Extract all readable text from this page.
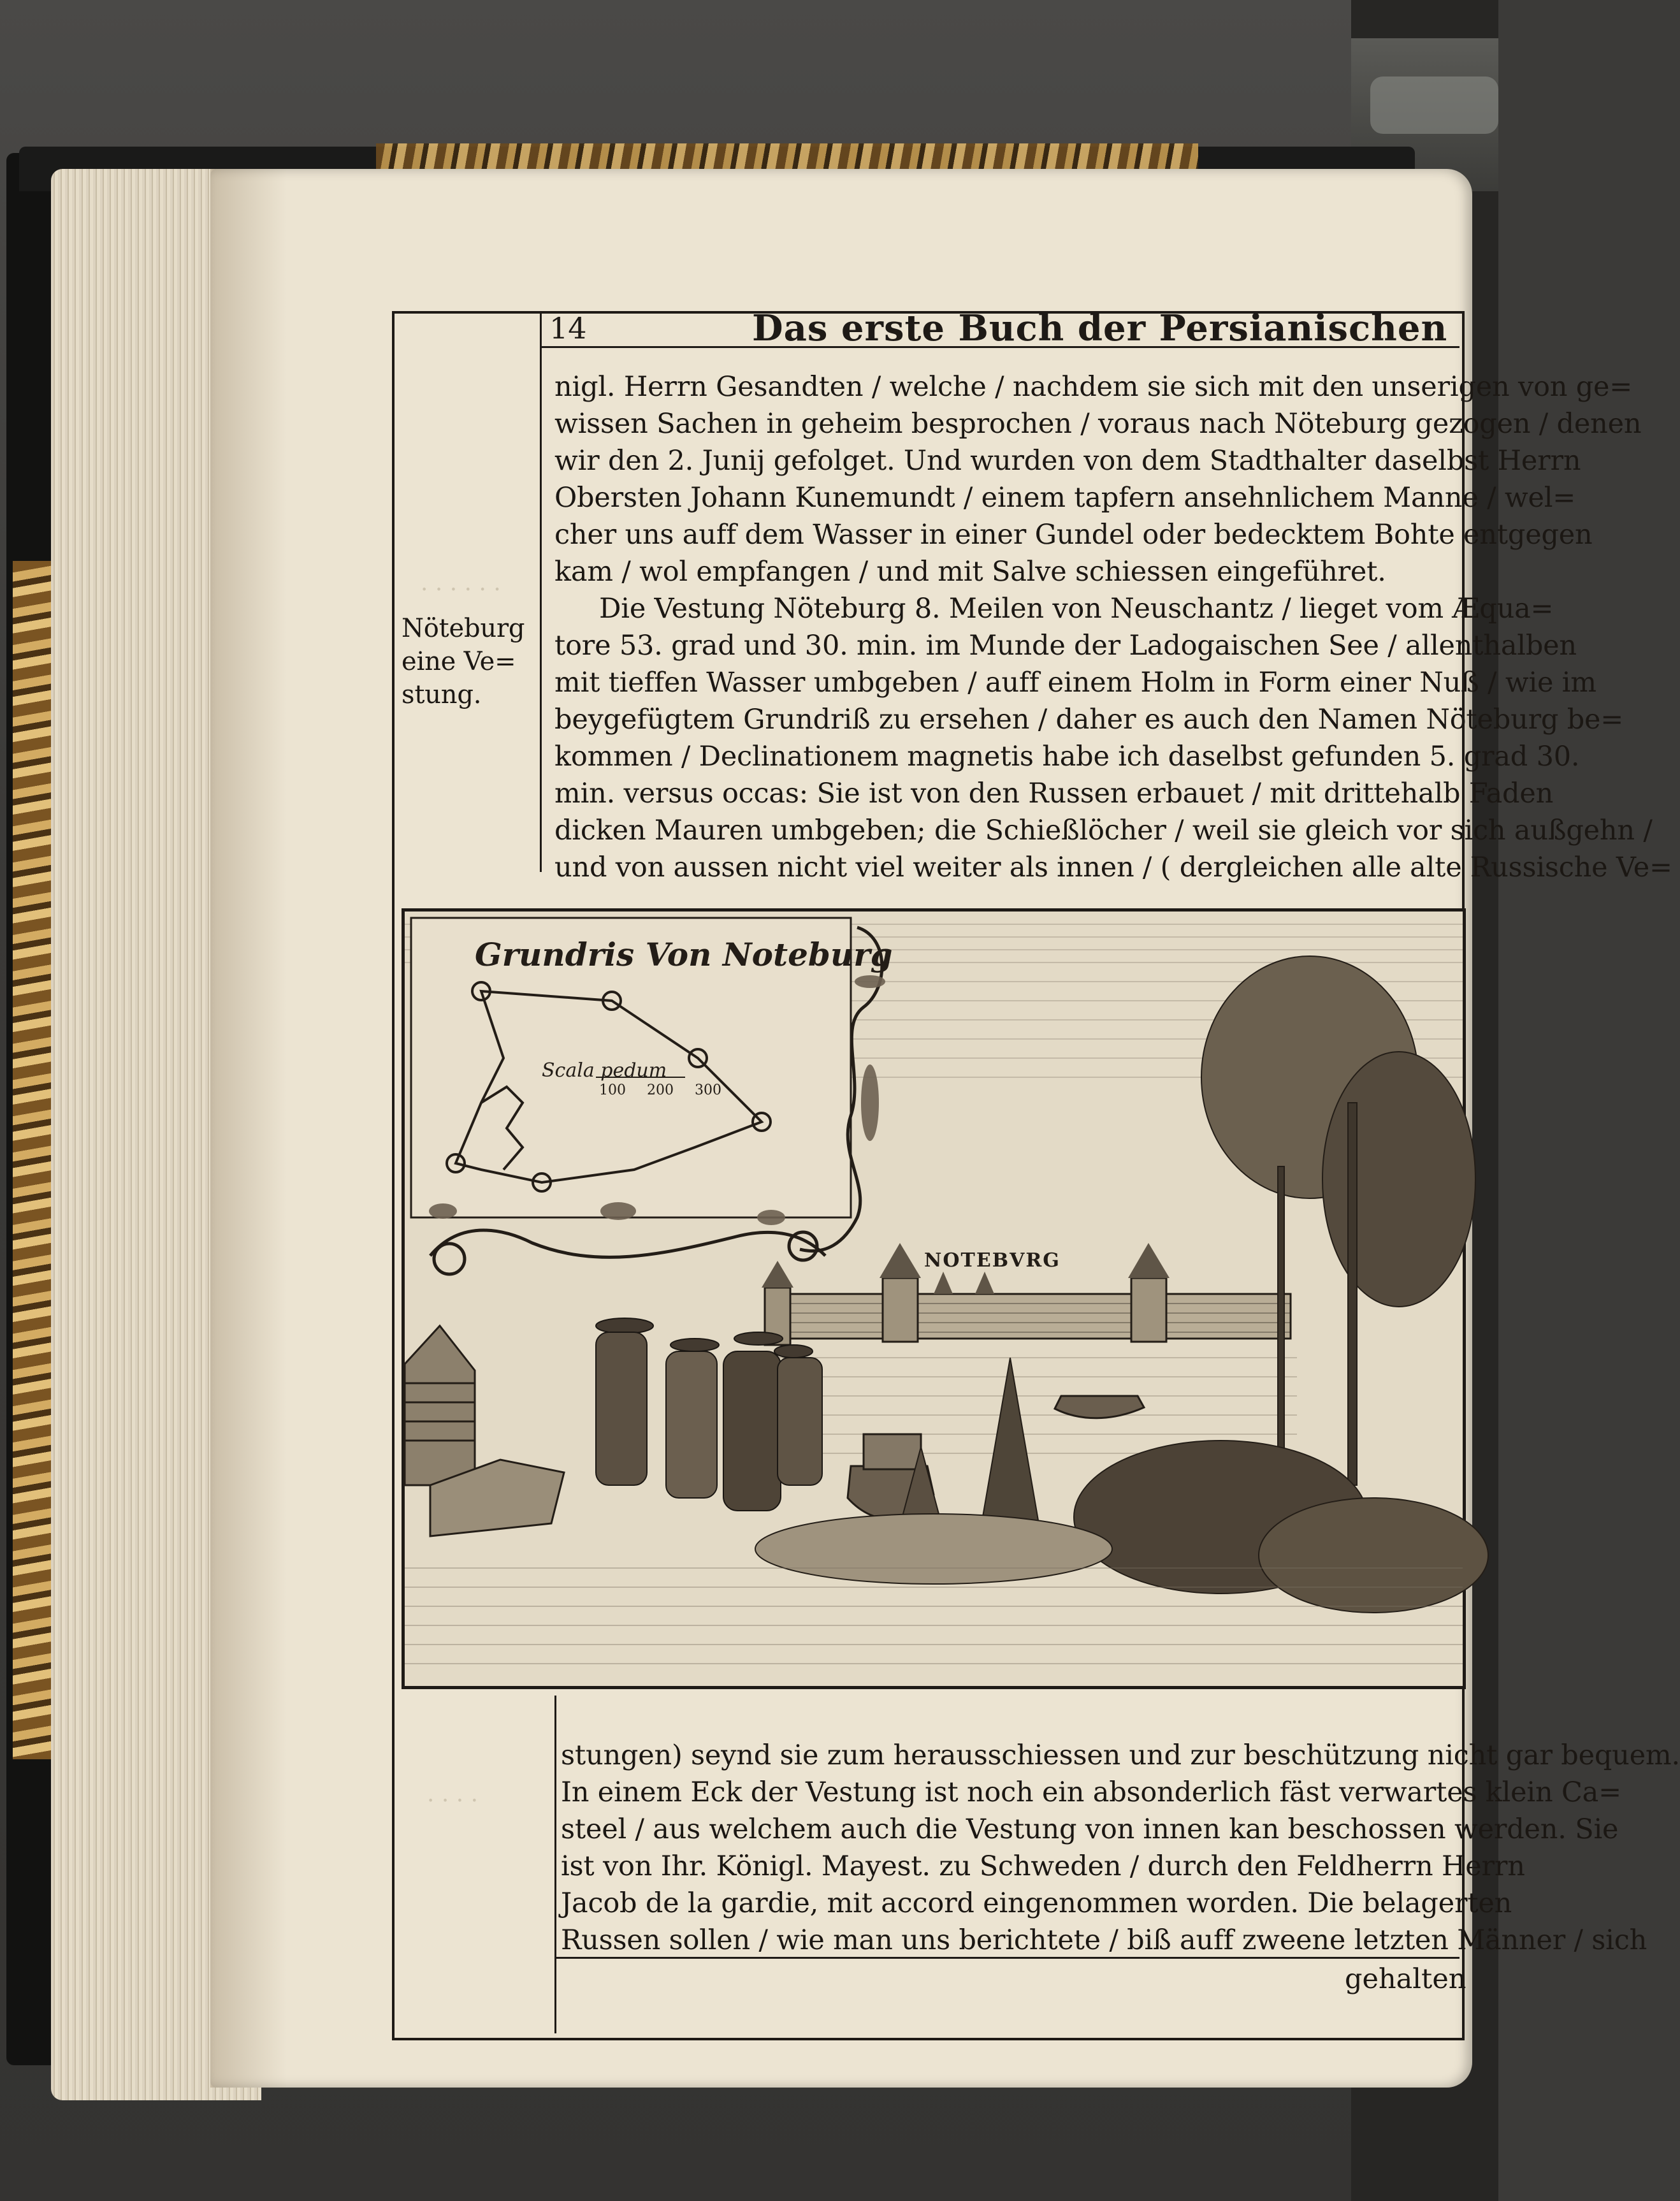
· · · · · ·
· · · ·
14	Das erste Buch der Persianischen
Nöteburg
eine Ve=
stung.
nigl. Herrn Gesandten / welche / nachdem sie sich mit den unserigen von ge=
wissen Sachen in geheim besprochen / voraus nach Nöteburg gezogen / denen
wir den 2. Junij gefolget. Und wurden von dem Stadthalter daselbst Herrn
Obersten Johann Kunemundt / einem tapfern ansehnlichem Manne / wel=
cher uns auff dem Wasser in einer Gundel oder bedecktem Bohte entgegen
kam / wol empfangen / und mit Salve schiessen eingeführet.
Die Vestung Nöteburg 8. Meilen von Neuschantz / lieget vom Æqua=
tore 53. grad und 30. min. im Munde der Ladogaischen See / allenthalben
mit tieffen Wasser umbgeben / auff einem Holm in Form einer Nuß / wie im
beygefügtem Grundriß zu ersehen / daher es auch den Namen Nöteburg be=
kommen / Declinationem magnetis habe ich daselbst gefunden 5. grad 30.
min. versus occas: Sie ist von den Russen erbauet / mit drittehalb Faden
dicken Mauren umbgeben; die Schießlöcher / weil sie gleich vor sich außgehn /
und von aussen nicht viel weiter als innen / ( dergleichen alle alte Russische Ve=
Grundris Von Noteburg
Scala pedum
100 200 300
NOTEBVRG
stungen) seynd sie zum herausschiessen und zur beschützung nicht gar bequem.
In einem Eck der Vestung ist noch ein absonderlich fäst verwartes klein Ca=
steel / aus welchem auch die Vestung von innen kan beschossen werden. Sie
ist von Ihr. Königl. Mayest. zu Schweden / durch den Feldherrn Herrn
Jacob de la gardie, mit accord eingenommen worden. Die belagerten
Russen sollen / wie man uns berichtete / biß auff zweene letzten Männer / sich
gehalten
